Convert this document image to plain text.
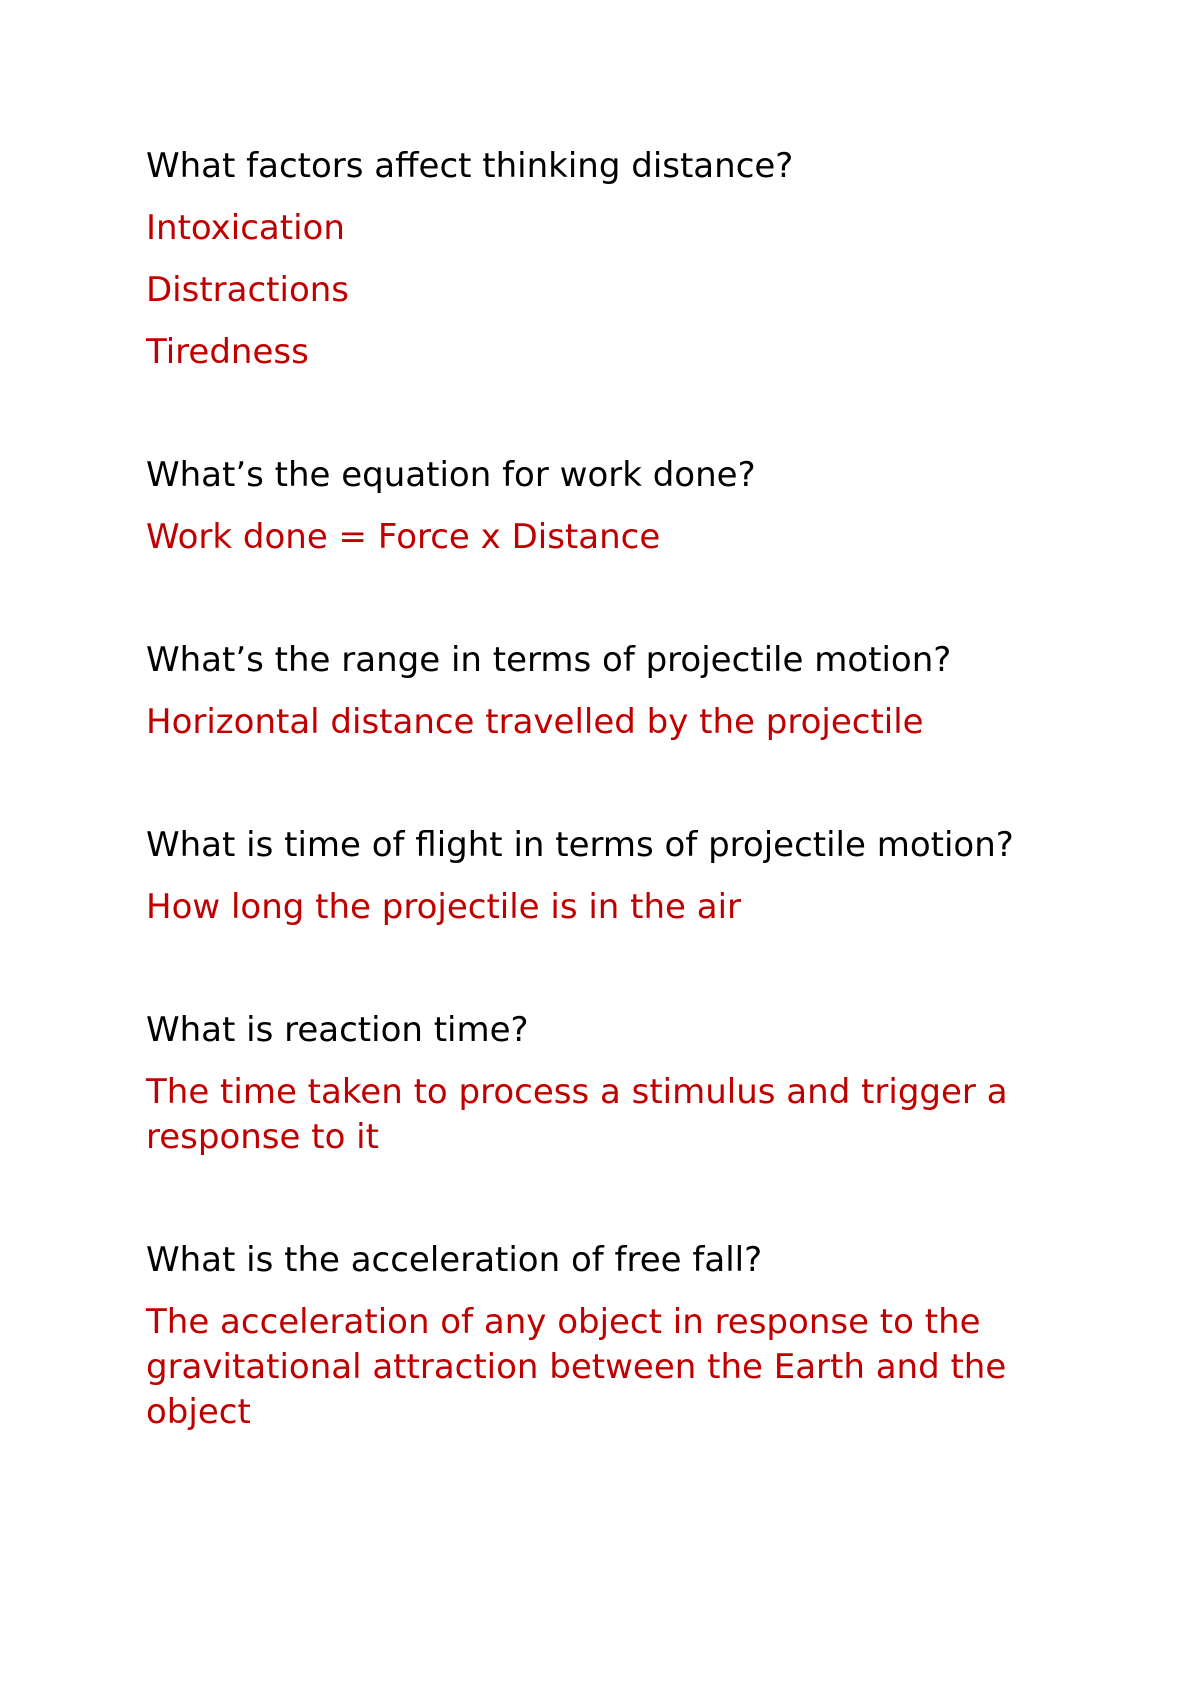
What factors affect thinking distance?
Intoxication
Distractions
Tiredness
What’s the equation for work done?
Work done = Force x Distance
What’s the range in terms of projectile motion?
Horizontal distance travelled by the projectile
What is time of flight in terms of projectile motion?
How long the projectile is in the air
What is reaction time?
The time taken to process a stimulus and trigger a response to it
What is the acceleration of free fall?
The acceleration of any object in response to the gravitational attraction between the Earth and the object
